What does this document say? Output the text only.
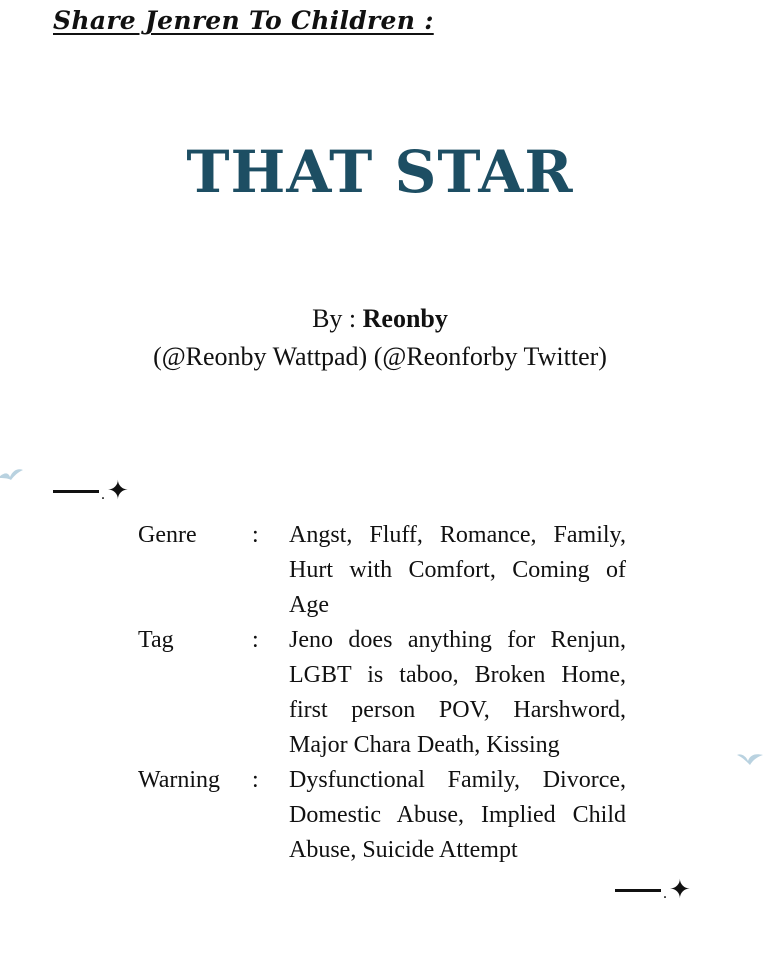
Share Jenren To Children :
THAT STAR
By : Reonby
(@Reonby Wattpad) (@Reonforby Twitter)
. ✦
Genre	:	Angst, Fluff, Romance, Family, Hurt with Comfort, Coming of Age
Tag	:	Jeno does anything for Renjun, LGBT is taboo, Broken Home, first person POV, Harshword, Major Chara Death, Kissing
Warning	:	Dysfunctional Family, Divorce, Domestic Abuse, Implied Child Abuse, Suicide Attempt
. ✦
